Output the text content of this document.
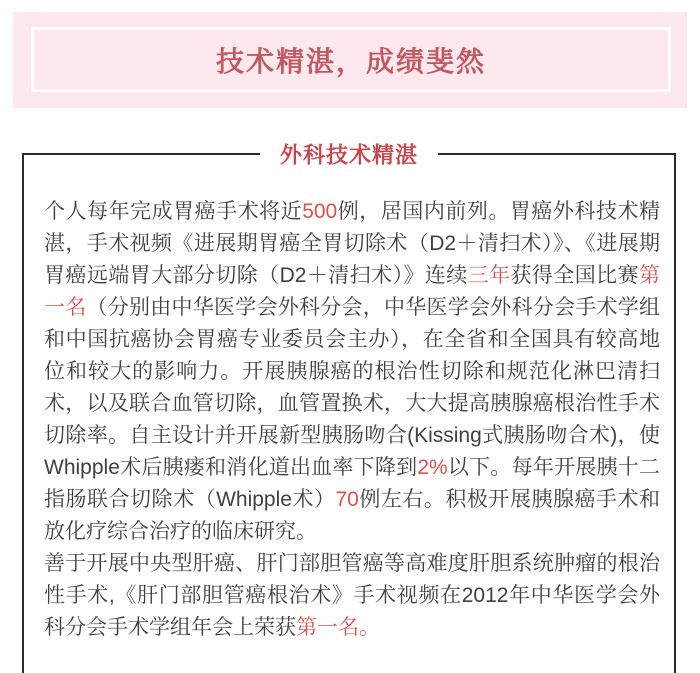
技术精湛，成绩斐然
外科技术精湛

个人每年完成胃癌手术将近500例，居国内前列。胃癌外科技术精湛，手术视频《进展期胃癌全胃切除术（D2＋清扫术）》、《进展期胃癌远端胃大部分切除（D2＋清扫术）》连续三年获得全国比赛第一名（分别由中华医学会外科分会，中华医学会外科分会手术学组和中国抗癌协会胃癌专业委员会主办），在全省和全国具有较高地位和较大的影响力。开展胰腺癌的根治性切除和规范化淋巴清扫术，以及联合血管切除，血管置换术，大大提高胰腺癌根治性手术切除率。自主设计并开展新型胰肠吻合(Kissing式胰肠吻合术)，使Whipple术后胰瘘和消化道出血率下降到2%以下。每年开展胰十二指肠联合切除术（Whipple术）70例左右。积极开展胰腺癌手术和放化疗综合治疗的临床研究。

善于开展中央型肝癌、肝门部胆管癌等高难度肝胆系统肿瘤的根治性手术,《肝门部胆管癌根治术》手术视频在2012年中华医学会外科分会手术学组年会上荣获第一名。
